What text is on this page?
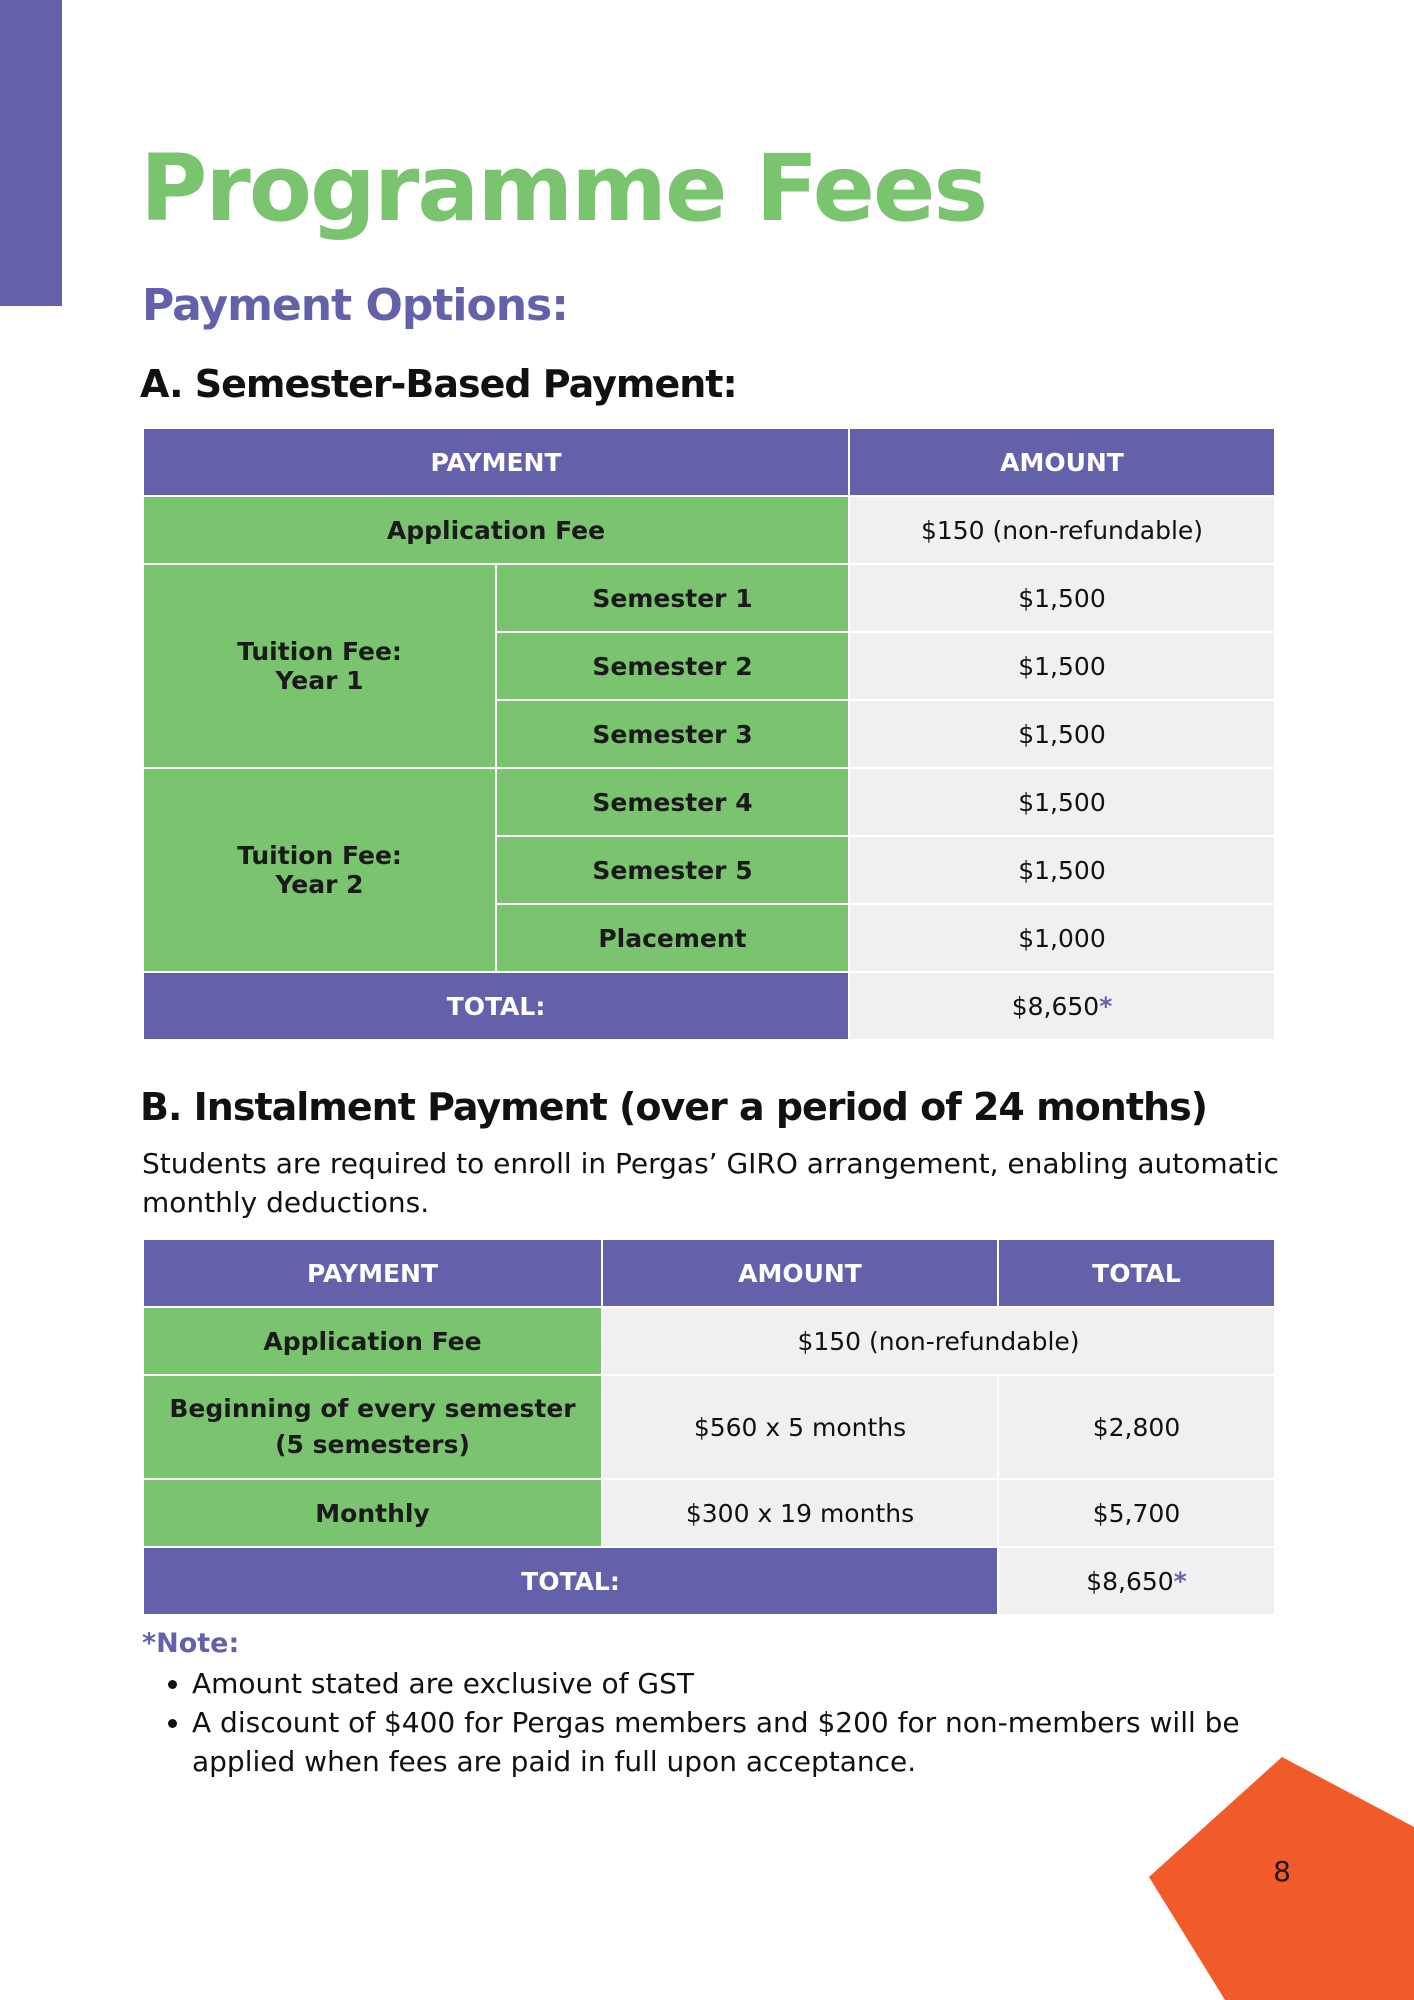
Programme Fees
Payment Options:
A. Semester-Based Payment:
PAYMENT		AMOUNT
Application Fee		$150 (non-refundable)
Tuition Fee:
Year 1	Semester 1	$1,500
	Semester 2	$1,500
	Semester 3	$1,500
Tuition Fee:
Year 2	Semester 4	$1,500
	Semester 5	$1,500
	Placement	$1,000
TOTAL:		$8,650*
B. Instalment Payment (over a period of 24 months)

Students are required to enroll in Pergas’ GIRO arrangement, enabling automatic monthly deductions.

PAYMENT	AMOUNT	TOTAL
Application Fee	$150 (non-refundable)	
Beginning of every semester
(5 semesters)	$560 x 5 months	$2,800
Monthly	$300 x 19 months	$5,700
TOTAL:		$8,650*

*Note:

• Amount stated are exclusive of GST
• A discount of $400 for Pergas members and $200 for non-members will be applied when fees are paid in full upon acceptance.
8
